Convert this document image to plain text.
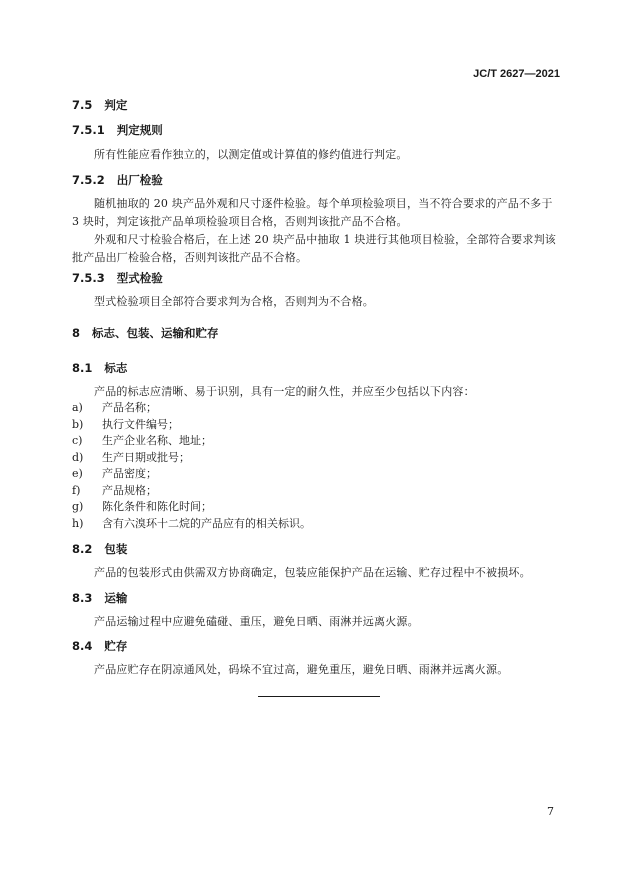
JC/T 2627—2021
7.5 判定
7.5.1 判定规则
所有性能应看作独立的，以测定值或计算值的修约值进行判定。
7.5.2 出厂检验
随机抽取的 20 块产品外观和尺寸逐件检验。每个单项检验项目，当不符合要求的产品不多于 3 块时，判定该批产品单项检验项目合格，否则判该批产品不合格。
外观和尺寸检验合格后，在上述 20 块产品中抽取 1 块进行其他项目检验，全部符合要求判该批产品出厂检验合格，否则判该批产品不合格。
7.5.3 型式检验
型式检验项目全部符合要求判为合格，否则判为不合格。
8 标志、包装、运输和贮存
8.1 标志
产品的标志应清晰、易于识别，具有一定的耐久性，并应至少包括以下内容：
a) 产品名称；
b) 执行文件编号；
c) 生产企业名称、地址；
d) 生产日期或批号；
e) 产品密度；
f) 产品规格；
g) 陈化条件和陈化时间；
h) 含有六溴环十二烷的产品应有的相关标识。
8.2 包装
产品的包装形式由供需双方协商确定，包装应能保护产品在运输、贮存过程中不被损坏。
8.3 运输
产品运输过程中应避免磕碰、重压，避免日晒、雨淋并远离火源。
8.4 贮存
产品应贮存在阴凉通风处，码垛不宜过高，避免重压，避免日晒、雨淋并远离火源。
7
